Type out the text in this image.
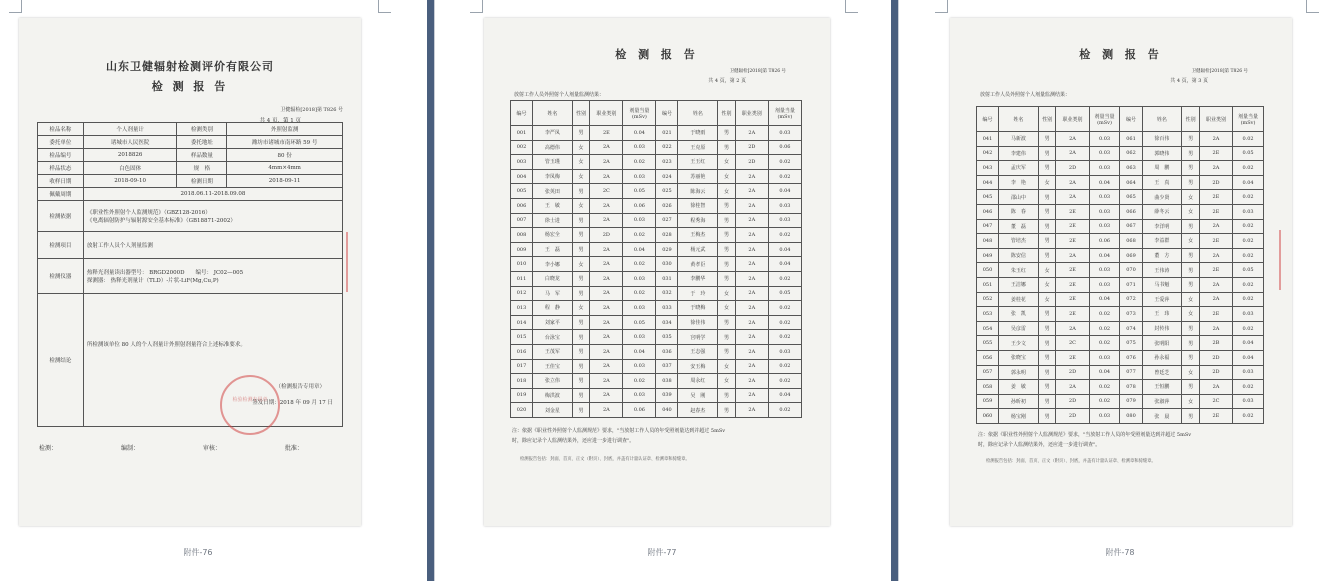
山东卫健辐射检测评价有限公司
检 测 报 告
卫健辐检[2018]第 T826 号
共 4 页，第 1 页
检品名称	个人剂量计	检测类别	外照射监测
委托单位	诸城市人民医院	委托地址	潍坊市诸城市南环路 59 号
检品编号	2018826	样品数量	80 份
样品状态	白色固体	规　格	4mm×4mm
收样日期	2018-09-10	检测日期	2018-09-11
佩戴周期	2018.06.11-2018.09.08		
检测依据	《职业性外照射个人监测规范》（GBZ128-2016）
《电离辐射防护与辐射源安全基本标准》（GB18871-2002）		

检测项目	放射工作人员个人剂量监测		
检测仪器	热释光剂量读出器型号： BRGD2000D　　编号： JC02—005
探测器： 热释光剂量计（TLD）-片状-LiF(Mg,Cu,P)		

检测结论	所检测该单位 80 人的个人剂量计外照射剂量符合上述标准要求。
（检测报告专用章）
签发日期：2018 年 09 月 17 日		
检验检测专用章
检测：	编制：	审核：	批准：
附件-76
检 测 报 告
卫健辐检[2018]第 T826 号
共 4 页，第 2 页
放射工作人员外照射个人剂量监测结果：
编号	姓名	性别	职业类别	剂量当量(mSv)	编号	姓名	性别	职业类别	剂量当量(mSv)
001	李严凤	男	2E	0.04	021	于晓雨	男	2A	0.03
002	高德伟	女	2A	0.03	022	王克原	男	2D	0.06
003	管玉瑾	女	2A	0.02	023	王玉红	女	2D	0.02
004	李凤梅	女	2A	0.03	024	苏丽艳	女	2A	0.02
005	张英田	男	2C	0.05	025	陈海云	女	2A	0.04
006	王　敏	女	2A	0.06	026	徐桂智	男	2A	0.03
007	徐士进	男	2A	0.03	027	程秀海	男	2A	0.03
008	杨宏全	男	2D	0.02	028	王梅杰	男	2A	0.02
009	王　磊	男	2A	0.04	029	杨元武	男	2A	0.04
010	李小娜	女	2A	0.02	030	黄孝臣	男	2A	0.04
011	白晓龙	男	2A	0.03	031	李鹏华	男	2A	0.02
012	马　军	男	2A	0.02	032	于　玲	女	2A	0.05
013	程　静	女	2A	0.03	033	于晓梅	女	2A	0.02
014	刘家平	男	2A	0.05	034	徐佳伟	男	2A	0.02
015	台泳宝	男	2A	0.03	035	宫明学	男	2A	0.02
016	王茂军	男	2A	0.04	036	王志强	男	2A	0.03
017	王佳宝	男	2A	0.03	037	安玉梅	女	2A	0.02
018	张立伟	男	2A	0.02	038	周永红	女	2A	0.02
019	梅洪波	男	2A	0.03	039	吴　刚	男	2A	0.04
020	刘金星	男	2A	0.06	040	赵春杰	男	2A	0.02
注：依据《职业性外照射个人监测规范》要求，"当放射工作人员的年受照剂量达到并超过 5mSv
时，除应记录个人监测结果外，还应进一步进行调查"。
检测报告包括：封面、首页、正文（附页）、封底，并盖有计量认证章、检测章和骑缝章。
附件-77
检 测 报 告
卫健辐检[2018]第 T826 号
共 4 页，第 3 页
放射工作人员外照射个人剂量监测结果：
编号	姓名	性别	职业类别	剂量当量(mSv)	编号	姓名	性别	职业类别	剂量当量(mSv)
041	马新波	男	2A	0.03	061	徐百伟	男	2A	0.02
042	李建伟	男	2A	0.03	062	郭晓伟	男	2E	0.05
043	孟庆军	男	2D	0.03	063	周　鹏	男	2A	0.02
044	李　艳	女	2A	0.04	064	王　真	男	2D	0.04
045	邵山中	男	2A	0.03	065	曲少贤	女	2E	0.02
046	陈　春	男	2E	0.03	066	薛冬云	女	2E	0.03
047	董　磊	男	2E	0.03	067	李洋明	男	2A	0.02
048	管培杰	男	2E	0.06	068	李益群	女	2E	0.02
049	陈安信	男	2A	0.04	069	董　方	男	2A	0.02
050	朱玉红	女	2E	0.03	070	王伟涛	男	2E	0.05
051	王洁娜	女	2E	0.03	071	马书魁	男	2A	0.02
052	姜桂花	女	2E	0.04	072	王爱萍	女	2A	0.02
053	张　凯	男	2E	0.02	073	王　玮	女	2E	0.03
054	吴彦雷	男	2A	0.02	074	封传伟	男	2A	0.02
055	王少文	男	2C	0.02	075	张明阳	男	2B	0.04
056	张晓宝	男	2E	0.03	076	孙永福	男	2D	0.04
057	郭永明	男	2D	0.04	077	曾廷芝	女	2D	0.03
058	姜　敏	男	2A	0.02	078	王恒鹏	男	2A	0.02
059	孙昕初	男	2D	0.02	079	张淑萍	女	2C	0.03
060	杨宝刚	男	2D	0.03	080	张　晨	男	2E	0.02
注：依据《职业性外照射个人监测规范》要求，"当放射工作人员的年受照剂量达到并超过 5mSv
时，除应记录个人监测结果外，还应进一步进行调查"。
检测报告包括：封面、首页、正文（附页）、封底，并盖有计量认证章、检测章和骑缝章。
附件-78
